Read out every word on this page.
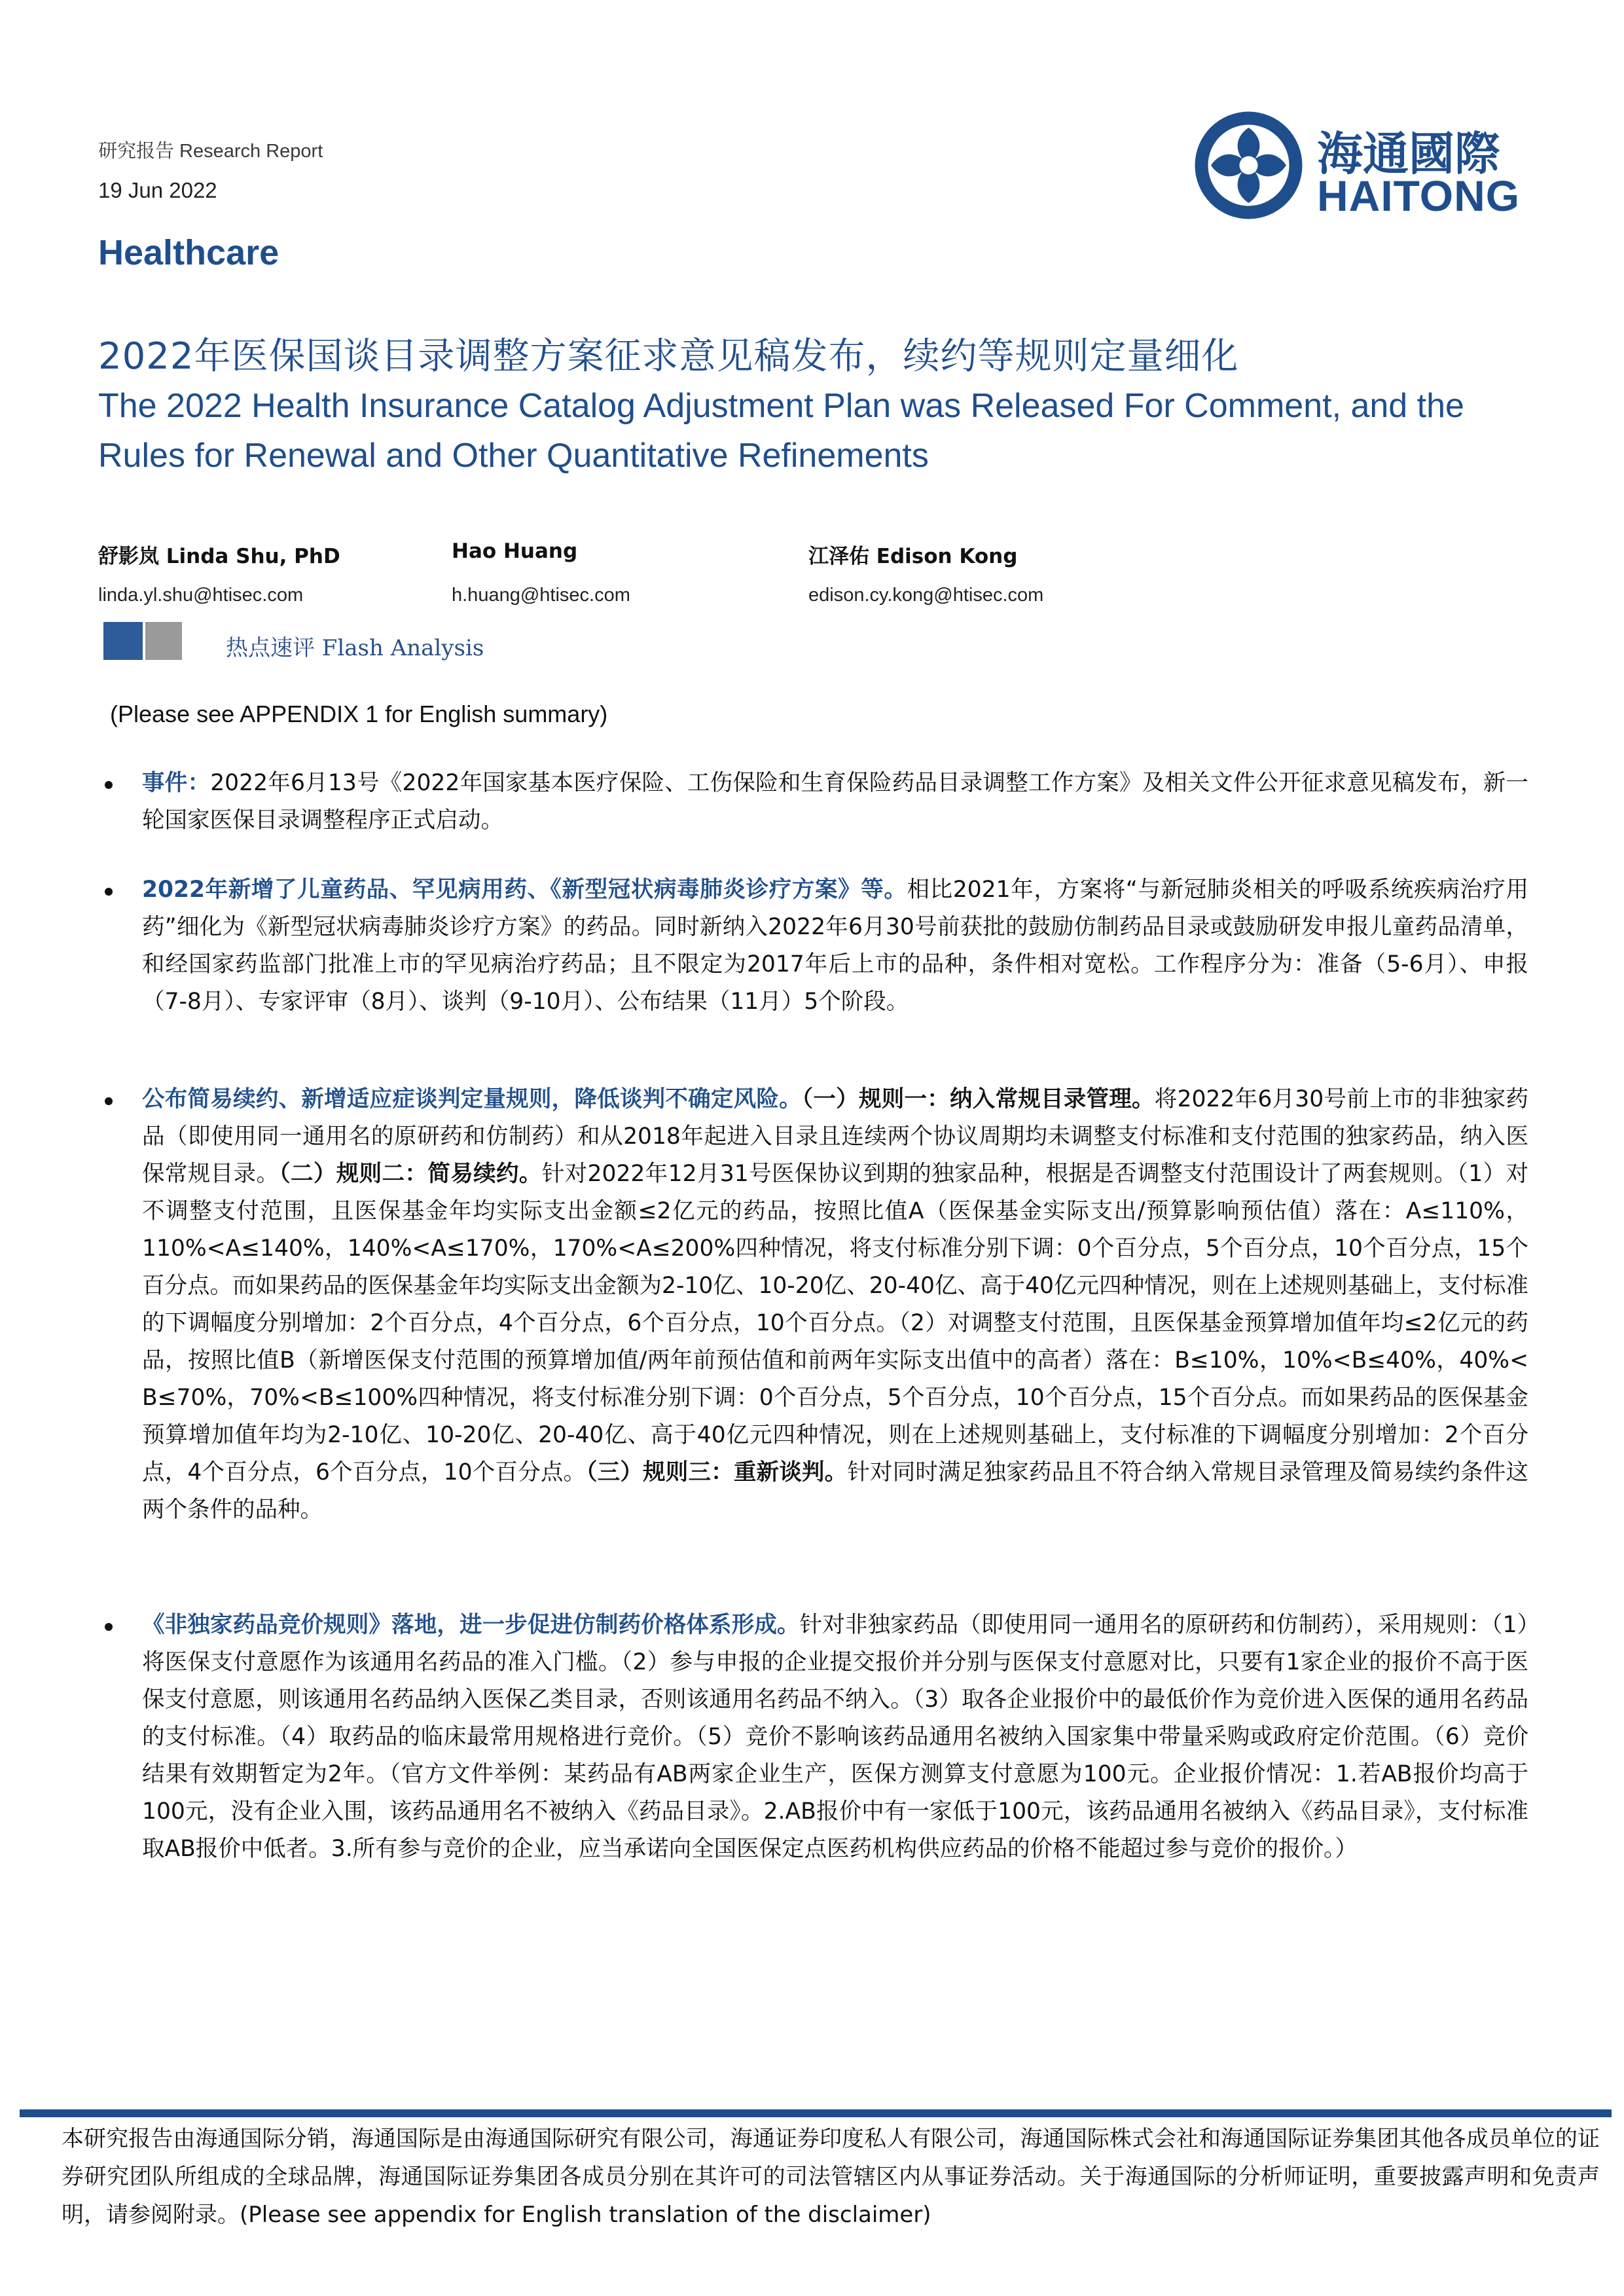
研究报告 Research Report
19 Jun 2022
海通國際
HAITONG
Healthcare
2022年医保国谈目录调整方案征求意见稿发布，续约等规则定量细化
The 2022 Health Insurance Catalog Adjustment Plan was Released For Comment, and the Rules for Renewal and Other Quantitative Refinements
舒影岚 Linda Shu, PhD
linda.yl.shu@htisec.com
Hao Huang
h.huang@htisec.com
江泽佑 Edison Kong
edison.cy.kong@htisec.com
热点速评 Flash Analysis
(Please see APPENDIX 1 for English summary)

事件：2022年6月13号《2022年国家基本医疗保险、工伤保险和生育保险药品目录调整工作方案》及相关文件公开征求意见稿发布，新一轮国家医保目录调整程序正式启动。

2022年新增了儿童药品、罕见病用药、《新型冠状病毒肺炎诊疗方案》等。相比2021年，方案将“与新冠肺炎相关的呼吸系统疾病治疗用药”细化为《新型冠状病毒肺炎诊疗方案》的药品。同时新纳入2022年6月30号前获批的鼓励仿制药品目录或鼓励研发申报儿童药品清单，和经国家药监部门批准上市的罕见病治疗药品；且不限定为2017年后上市的品种，条件相对宽松。工作程序分为：准备（5-6月）、申报（7-8月）、专家评审（8月）、谈判（9-10月）、公布结果（11月）5个阶段。

公布简易续约、新增适应症谈判定量规则，降低谈判不确定风险。（一）规则一：纳入常规目录管理。将2022年6月30号前上市的非独家药品（即使用同一通用名的原研药和仿制药）和从2018年起进入目录且连续两个协议周期均未调整支付标准和支付范围的独家药品，纳入医保常规目录。（二）规则二：简易续约。针对2022年12月31号医保协议到期的独家品种，根据是否调整支付范围设计了两套规则。（1）对不调整支付范围，且医保基金年均实际支出金额≤2亿元的药品，按照比值A（医保基金实际支出/预算影响预估值）落在：A≤110%，110%<A≤140%，140%<A≤170%，170%<A≤200%四种情况，将支付标准分别下调：0个百分点，5个百分点，10个百分点，15个百分点。而如果药品的医保基金年均实际支出金额为2-10亿、10-20亿、20-40亿、高于40亿元四种情况，则在上述规则基础上，支付标准的下调幅度分别增加：2个百分点，4个百分点，6个百分点，10个百分点。（2）对调整支付范围，且医保基金预算增加值年均≤2亿元的药品，按照比值B（新增医保支付范围的预算增加值/两年前预估值和前两年实际支出值中的高者）落在：B≤10%，10%<B≤40%，40%< B≤70%，70%<B≤100%四种情况，将支付标准分别下调：0个百分点，5个百分点，10个百分点，15个百分点。而如果药品的医保基金预算增加值年均为2-10亿、10-20亿、20-40亿、高于40亿元四种情况，则在上述规则基础上，支付标准的下调幅度分别增加：2个百分点，4个百分点，6个百分点，10个百分点。（三）规则三：重新谈判。针对同时满足独家药品且不符合纳入常规目录管理及简易续约条件这两个条件的品种。

《非独家药品竞价规则》落地，进一步促进仿制药价格体系形成。针对非独家药品（即使用同一通用名的原研药和仿制药），采用规则：（1）将医保支付意愿作为该通用名药品的准入门槛。（2）参与申报的企业提交报价并分别与医保支付意愿对比，只要有1家企业的报价不高于医保支付意愿，则该通用名药品纳入医保乙类目录，否则该通用名药品不纳入。（3）取各企业报价中的最低价作为竞价进入医保的通用名药品的支付标准。（4）取药品的临床最常用规格进行竞价。（5）竞价不影响该药品通用名被纳入国家集中带量采购或政府定价范围。（6）竞价结果有效期暂定为2年。（官方文件举例：某药品有AB两家企业生产，医保方测算支付意愿为100元。企业报价情况：1.若AB报价均高于100元，没有企业入围，该药品通用名不被纳入《药品目录》。2.AB报价中有一家低于100元，该药品通用名被纳入《药品目录》，支付标准取AB报价中低者。3.所有参与竞价的企业，应当承诺向全国医保定点医药机构供应药品的价格不能超过参与竞价的报价。）

本研究报告由海通国际分销，海通国际是由海通国际研究有限公司，海通证券印度私人有限公司，海通国际株式会社和海通国际证券集团其他各成员单位的证券研究团队所组成的全球品牌，海通国际证券集团各成员分别在其许可的司法管辖区内从事证券活动。关于海通国际的分析师证明，重要披露声明和免责声明，请参阅附录。(Please see appendix for English translation of the disclaimer)
